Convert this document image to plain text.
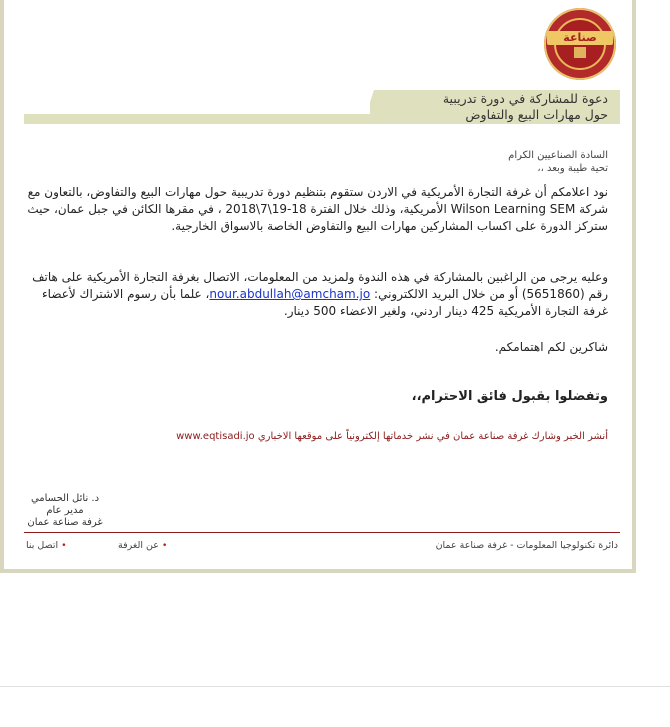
صناعة
دعوة للمشاركة في دورة تدريبية
حول مهارات البيع والتفاوض
السادة الصناعيين الكرام
تحية طيبة وبعد ،،
نود اعلامكم أن غرفة التجارة الأمريكية في الاردن ستقوم بتنظيم دورة تدريبية حول مهارات البيع والتفاوض، بالتعاون مع شركة Wilson Learning SEM الأمريكية، وذلك خلال الفترة 18-19\7\2018 ، في مقرها الكائن في جبل عمان، حيث ستركز الدورة على اكساب المشاركين مهارات البيع والتفاوض الخاصة بالاسواق الخارجية.
وعليه يرجى من الراغبين بالمشاركة في هذه الندوة ولمزيد من المعلومات، الاتصال بغرفة التجارة الأمريكية على هاتف رقم (5651860) أو من خلال البريد الالكتروني: nour.abdullah@amcham.jo، علما بأن رسوم الاشتراك لأعضاء غرفة التجارة الأمريكية 425 دينار اردني، ولغير الاعضاء 500 دينار.
شاكرين لكم اهتمامكم.
وتفضلوا بقبول فائق الاحترام،،
أنشر الخبر وشارك غرفة صناعة عمان في نشر خدماتها إلكترونياً على موقعها الاخباري www.eqtisadi.jo
د. نائل الحسامي
مدير عام
غرفة صناعة عمان
دائرة تكنولوجيا المعلومات - غرفة صناعة عمان
• عن الغرفة
• اتصل بنا
